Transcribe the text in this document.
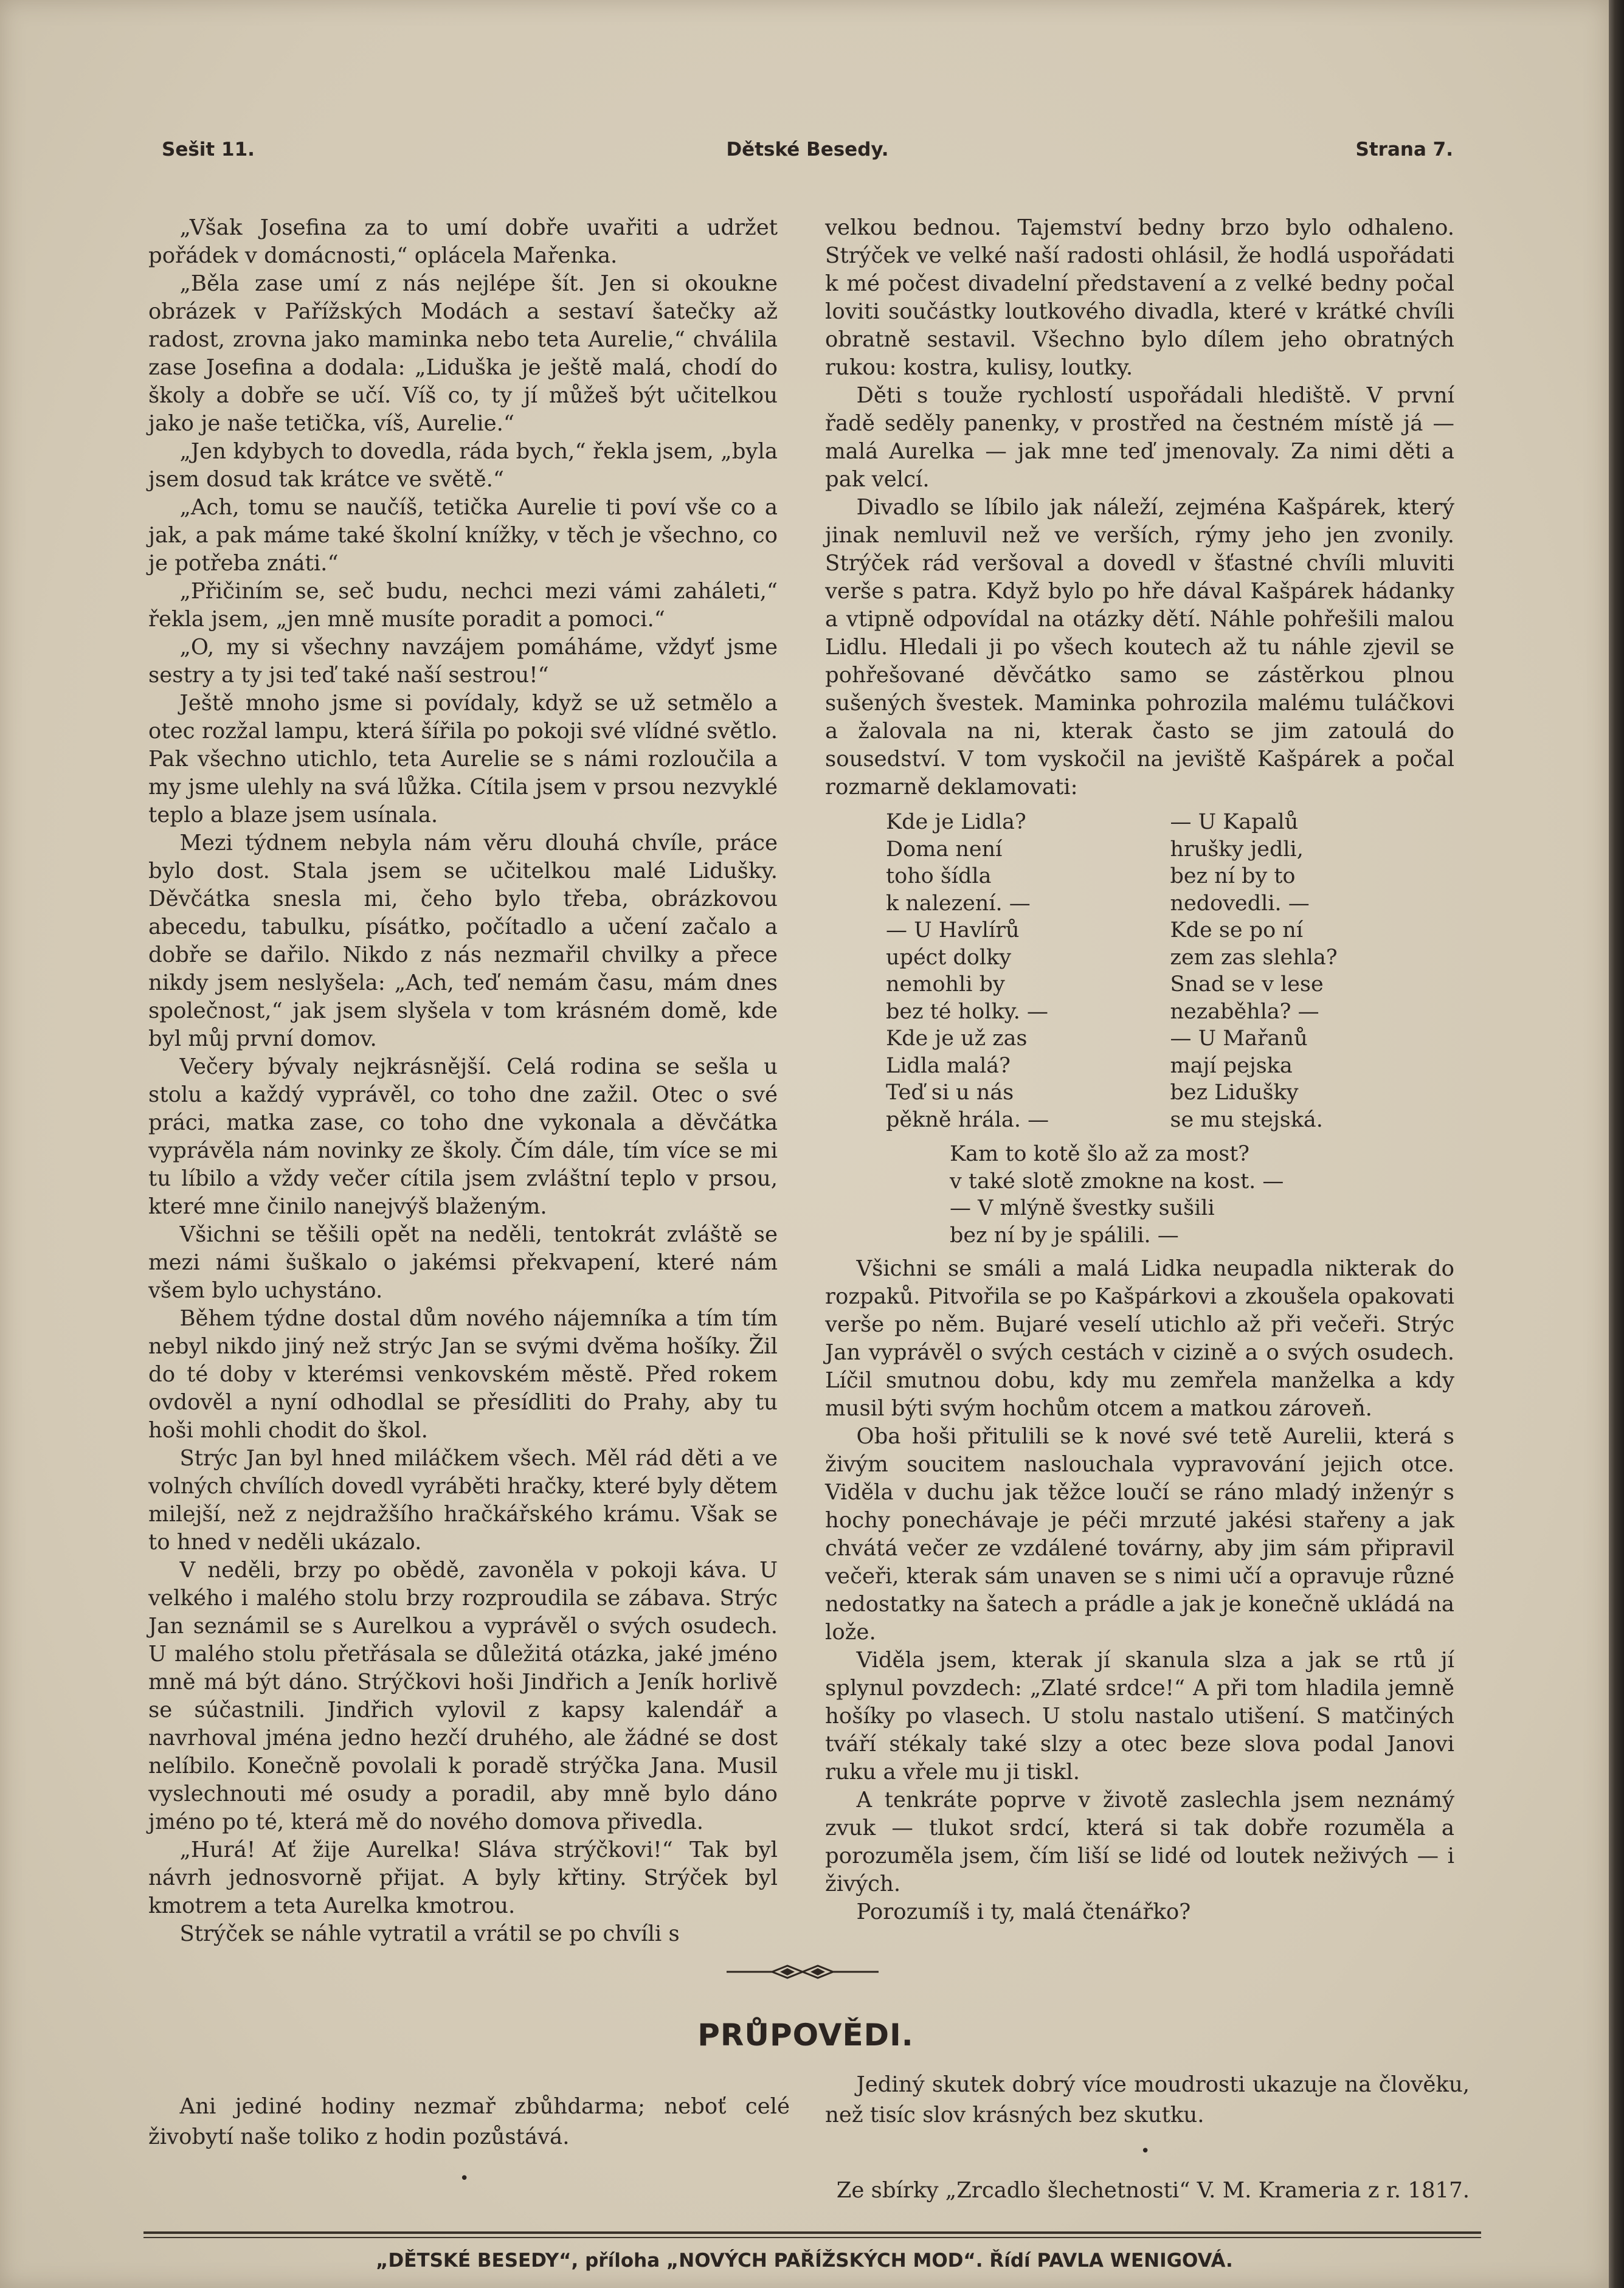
Sešit 11.	Dětské Besedy.	Strana 7.

„Však Josefina za to umí dobře uvařiti a udržet pořádek v domácnosti,“ oplácela Mařenka.

„Běla zase umí z nás nejlépe šít. Jen si okoukne obrázek v Pařížských Modách a sestaví šatečky až radost, zrovna jako maminka nebo teta Aurelie,“ chválila zase Josefina a dodala: „Liduška je ještě malá, chodí do školy a dobře se učí. Víš co, ty jí můžeš být učitelkou jako je naše tetička, víš, Aurelie.“

„Jen kdybych to dovedla, ráda bych,“ řekla jsem, „byla jsem dosud tak krátce ve světě.“

„Ach, tomu se naučíš, tetička Aurelie ti poví vše co a jak, a pak máme také školní knížky, v těch je všechno, co je potřeba znáti.“

„Přičiním se, seč budu, nechci mezi vámi zaháleti,“ řekla jsem, „jen mně musíte poradit a pomoci.“

„O, my si všechny navzájem pomáháme, vždyť jsme sestry a ty jsi teď také naší sestrou!“

Ještě mnoho jsme si povídaly, když se už setmělo a otec rozžal lampu, která šířila po pokoji své vlídné světlo. Pak všechno utichlo, teta Aurelie se s námi rozloučila a my jsme ulehly na svá lůžka. Cítila jsem v prsou nezvyklé teplo a blaze jsem usínala.

Mezi týdnem nebyla nám věru dlouhá chvíle, práce bylo dost. Stala jsem se učitelkou malé Lidušky. Děvčátka snesla mi, čeho bylo třeba, obrázkovou abecedu, tabulku, písátko, počítadlo a učení začalo a dobře se dařilo. Nikdo z nás nezmařil chvilky a přece nikdy jsem neslyšela: „Ach, teď nemám času, mám dnes společnost,“ jak jsem slyšela v tom krásném domě, kde byl můj první domov.

Večery bývaly nejkrásnější. Celá rodina se sešla u stolu a každý vyprávěl, co toho dne zažil. Otec o své práci, matka zase, co toho dne vykonala a děvčátka vyprávěla nám novinky ze školy. Čím dále, tím více se mi tu líbilo a vždy večer cítila jsem zvláštní teplo v prsou, které mne činilo nanejvýš blaženým.

Všichni se těšili opět na neděli, tentokrát zvláště se mezi námi šuškalo o jakémsi překvapení, které nám všem bylo uchystáno.

Během týdne dostal dům nového nájemníka a tím tím nebyl nikdo jiný než strýc Jan se svými dvěma hošíky. Žil do té doby v kterémsi venkovském městě. Před rokem ovdověl a nyní odhodlal se přesídliti do Prahy, aby tu hoši mohli chodit do škol.

Strýc Jan byl hned miláčkem všech. Měl rád děti a ve volných chvílích dovedl vyráběti hračky, které byly dětem milejší, než z nejdražšího hračkářského krámu. Však se to hned v neděli ukázalo.

V neděli, brzy po obědě, zavoněla v pokoji káva. U velkého i malého stolu brzy rozproudila se zábava. Strýc Jan seznámil se s Aurelkou a vyprávěl o svých osudech. U malého stolu přetřásala se důležitá otázka, jaké jméno mně má být dáno. Strýčkovi hoši Jindřich a Jeník horlivě se súčastnili. Jindřich vylovil z kapsy kalendář a navrhoval jména jedno hezčí druhého, ale žádné se dost nelíbilo. Konečně povolali k poradě strýčka Jana. Musil vyslechnouti mé osudy a poradil, aby mně bylo dáno jméno po té, která mě do nového domova přivedla.

„Hurá! Ať žije Aurelka! Sláva strýčkovi!“ Tak byl návrh jednosvorně přijat. A byly křtiny. Strýček byl kmotrem a teta Aurelka kmotrou.

Strýček se náhle vytratil a vrátil se po chvíli s

velkou bednou. Tajemství bedny brzo bylo odhaleno. Strýček ve velké naší radosti ohlásil, že hodlá uspořádati k mé počest divadelní představení a z velké bedny počal loviti součástky loutkového divadla, které v krátké chvíli obratně sestavil. Všechno bylo dílem jeho obratných rukou: kostra, kulisy, loutky.

Děti s touže rychlostí uspořádali hlediště. V první řadě seděly panenky, v prostřed na čestném místě já — malá Aurelka — jak mne teď jmenovaly. Za nimi děti a pak velcí.

Divadlo se líbilo jak náleží, zejména Kašpárek, který jinak nemluvil než ve verších, rýmy jeho jen zvonily. Strýček rád veršoval a dovedl v šťastné chvíli mluviti verše s patra. Když bylo po hře dával Kašpárek hádanky a vtipně odpovídal na otázky dětí. Náhle pohřešili malou Lidlu. Hledali ji po všech koutech až tu náhle zjevil se pohřešované děvčátko samo se zástěrkou plnou sušených švestek. Maminka pohrozila malému tuláčkovi a žalovala na ni, kterak často se jim zatoulá do sousedství. V tom vyskočil na jeviště Kašpárek a počal rozmarně deklamovati:

Kde je Lidla?
Doma není
toho šídla
k nalezení. —
— U Havlírů
upéct dolky
nemohli by
bez té holky. —
Kde je už zas
Lidla malá?
Teď si u nás
pěkně hrála. —
— U Kapalů
hrušky jedli,
bez ní by to
nedovedli. —
Kde se po ní
zem zas slehla?
Snad se v lese
nezaběhla? —
— U Mařanů
mají pejska
bez Lidušky
se mu stejská.
Kam to kotě šlo až za most?
v také slotě zmokne na kost. —
— V mlýně švestky sušili
bez ní by je spálili. —

Všichni se smáli a malá Lidka neupadla nikterak do rozpaků. Pitvořila se po Kašpárkovi a zkoušela opakovati verše po něm. Bujaré veselí utichlo až při večeři. Strýc Jan vyprávěl o svých cestách v cizině a o svých osudech. Líčil smutnou dobu, kdy mu zemřela manželka a kdy musil býti svým hochům otcem a matkou zároveň.

Oba hoši přitulili se k nové své tetě Aurelii, která s živým soucitem naslouchala vypravování jejich otce. Viděla v duchu jak těžce loučí se ráno mladý inženýr s hochy ponechávaje je péči mrzuté jakési stařeny a jak chvátá večer ze vzdálené továrny, aby jim sám připravil večeři, kterak sám unaven se s nimi učí a opravuje různé nedostatky na šatech a prádle a jak je konečně ukládá na lože.

Viděla jsem, kterak jí skanula slza a jak se rtů jí splynul povzdech: „Zlaté srdce!“ A při tom hladila jemně hošíky po vlasech. U stolu nastalo utišení. S matčiných tváří stékaly také slzy a otec beze slova podal Janovi ruku a vřele mu ji tiskl.

A tenkráte poprve v životě zaslechla jsem neznámý zvuk — tlukot srdcí, která si tak dobře rozuměla a porozuměla jsem, čím liší se lidé od loutek neživých — i živých.

Porozumíš i ty, malá čtenářko?

PRŮPOVĚDI.

Ani jediné hodiny nezmař zbůhdarma; neboť celé živobytí naše toliko z hodin pozůstává.

•

Jediný skutek dobrý více moudrosti ukazuje na člověku, než tisíc slov krásných bez skutku.

•
Ze sbírky „Zrcadlo šlechetnosti“ V. M. Krameria z r. 1817.
„DĚTSKÉ BESEDY“, příloha „NOVÝCH PAŘÍŽSKÝCH MOD“. Řídí PAVLA WENIGOVÁ.
